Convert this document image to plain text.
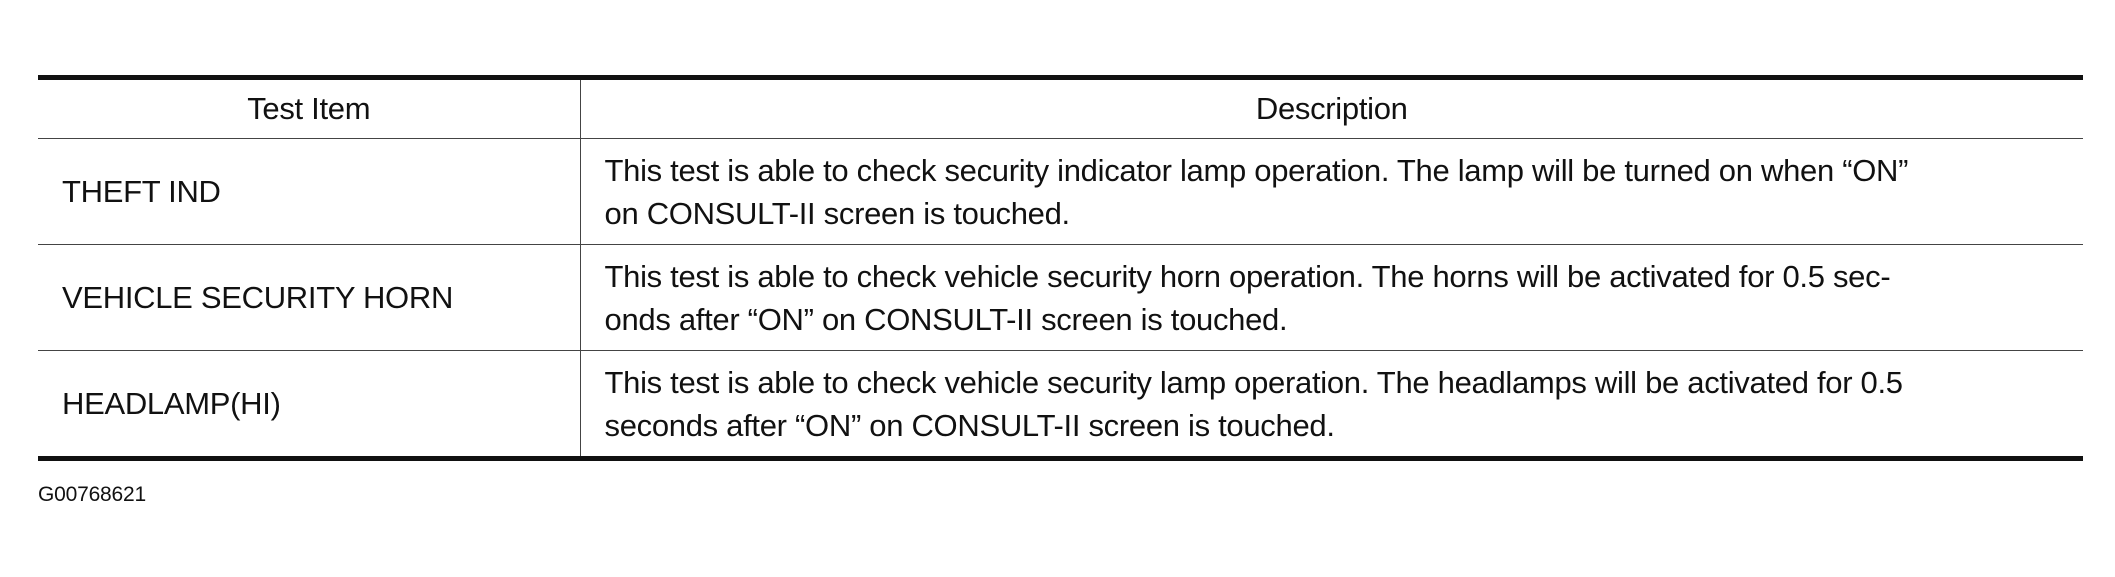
Test Item	Description
THEFT IND	This test is able to check security indicator lamp operation. The lamp will be turned on when “ON”
on CONSULT-II screen is touched.

VEHICLE SECURITY HORN	This test is able to check vehicle security horn operation. The horns will be activated for 0.5 sec-
onds after “ON” on CONSULT-II screen is touched.

HEADLAMP(HI)	This test is able to check vehicle security lamp operation. The headlamps will be activated for 0.5
seconds after “ON” on CONSULT-II screen is touched.
G00768621
